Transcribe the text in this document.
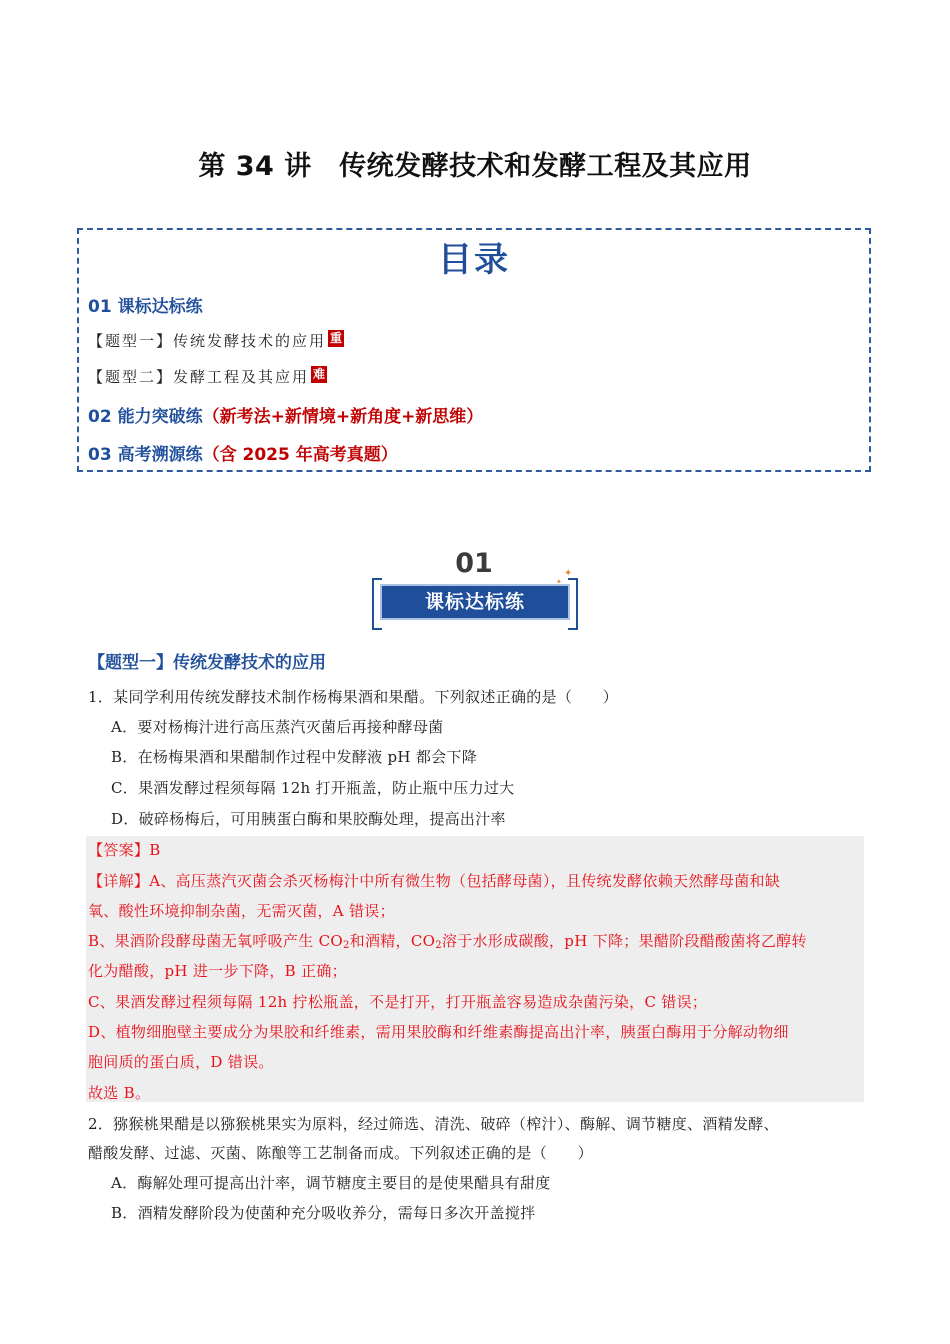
第 34 讲　传统发酵技术和发酵工程及其应用
目录
01 课标达标练
【题型一】传统发酵技术的应用 重
【题型二】发酵工程及其应用 难
02 能力突破练（新考法+新情境+新角度+新思维）
03 高考溯源练（含 2025 年高考真题）
01
课标达标练
✦
✦
【题型一】传统发酵技术的应用
1．某同学利用传统发酵技术制作杨梅果酒和果醋。下列叙述正确的是（　　）
A．要对杨梅汁进行高压蒸汽灭菌后再接种酵母菌
B．在杨梅果酒和果醋制作过程中发酵液 pH 都会下降
C．果酒发酵过程须每隔 12h 打开瓶盖，防止瓶中压力过大
D．破碎杨梅后，可用胰蛋白酶和果胶酶处理，提高出汁率
【答案】B
【详解】A、高压蒸汽灭菌会杀灭杨梅汁中所有微生物（包括酵母菌），且传统发酵依赖天然酵母菌和缺
氧、酸性环境抑制杂菌，无需灭菌，A 错误；
B、果酒阶段酵母菌无氧呼吸产生 $CO_2$和酒精，$CO_2$溶于水形成碳酸，pH 下降；果醋阶段醋酸菌将乙醇转
化为醋酸，pH 进一步下降，B 正确；
C、果酒发酵过程须每隔 12h 拧松瓶盖，不是打开，打开瓶盖容易造成杂菌污染，C 错误；
D、植物细胞壁主要成分为果胶和纤维素，需用果胶酶和纤维素酶提高出汁率，胰蛋白酶用于分解动物细
胞间质的蛋白质，D 错误。
故选 B。
2．猕猴桃果醋是以猕猴桃果实为原料，经过筛选、清洗、破碎（榨汁）、酶解、调节糖度、酒精发酵、
醋酸发酵、过滤、灭菌、陈酿等工艺制备而成。下列叙述正确的是（　　）
A．酶解处理可提高出汁率，调节糖度主要目的是使果醋具有甜度
B．酒精发酵阶段为使菌种充分吸收养分，需每日多次开盖搅拌
